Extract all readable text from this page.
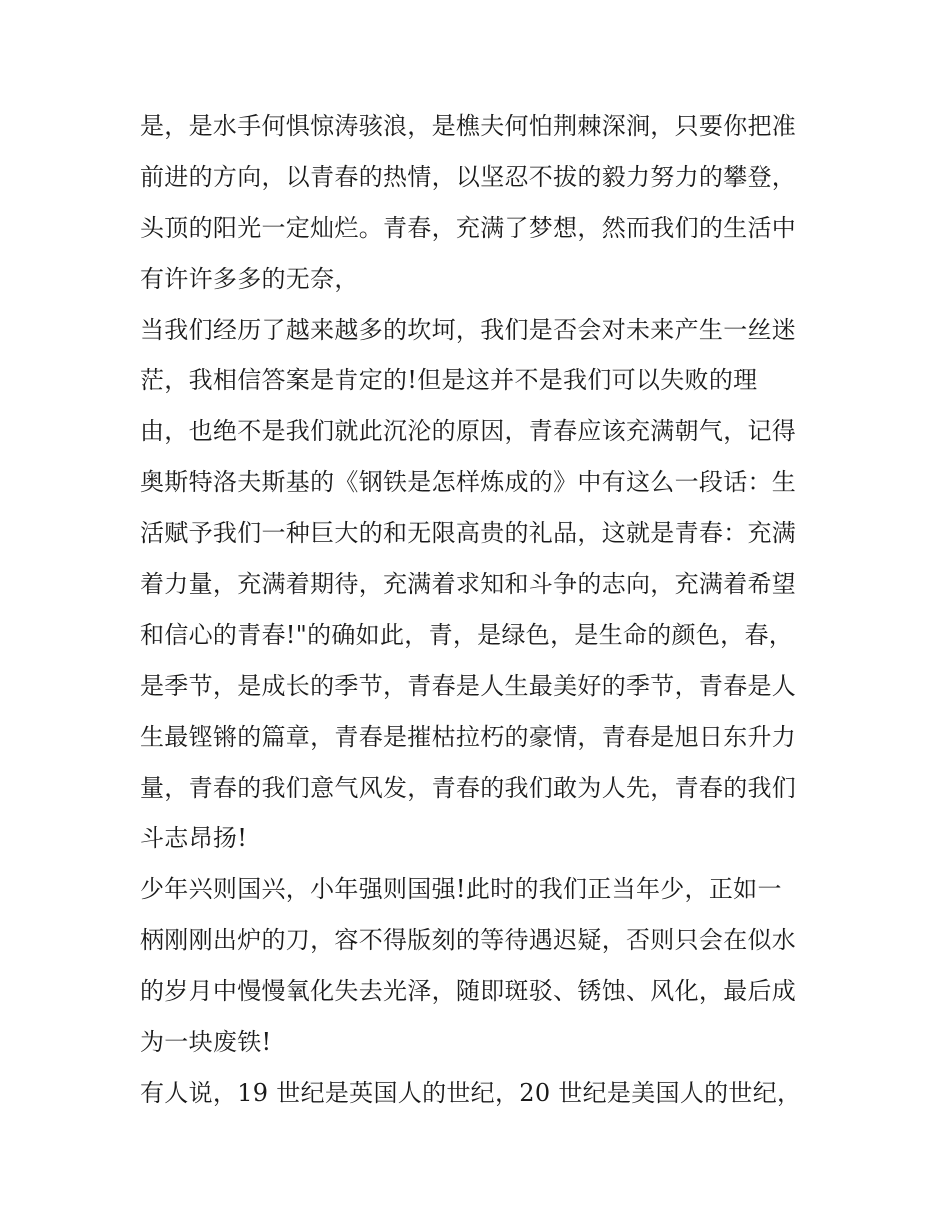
是，是水手何惧惊涛骇浪，是樵夫何怕荆棘深涧，只要你把准
前进的方向，以青春的热情，以坚忍不拔的毅力努力的攀登，
头顶的阳光一定灿烂。青春，充满了梦想，然而我们的生活中
有许许多多的无奈，
当我们经历了越来越多的坎坷，我们是否会对未来产生一丝迷
茫，我相信答案是肯定的!但是这并不是我们可以失败的理
由，也绝不是我们就此沉沦的原因，青春应该充满朝气，记得
奥斯特洛夫斯基的《钢铁是怎样炼成的》中有这么一段话：生
活赋予我们一种巨大的和无限高贵的礼品，这就是青春：充满
着力量，充满着期待，充满着求知和斗争的志向，充满着希望
和信心的青春!"的确如此，青，是绿色，是生命的颜色，春，
是季节，是成长的季节，青春是人生最美好的季节，青春是人
生最铿锵的篇章，青春是摧枯拉朽的豪情，青春是旭日东升力
量，青春的我们意气风发，青春的我们敢为人先，青春的我们
斗志昂扬!
少年兴则国兴，小年强则国强!此时的我们正当年少，正如一
柄刚刚出炉的刀，容不得版刻的等待遇迟疑，否则只会在似水
的岁月中慢慢氧化失去光泽，随即斑驳、锈蚀、风化，最后成
为一块废铁!
有人说，19 世纪是英国人的世纪，20 世纪是美国人的世纪，
